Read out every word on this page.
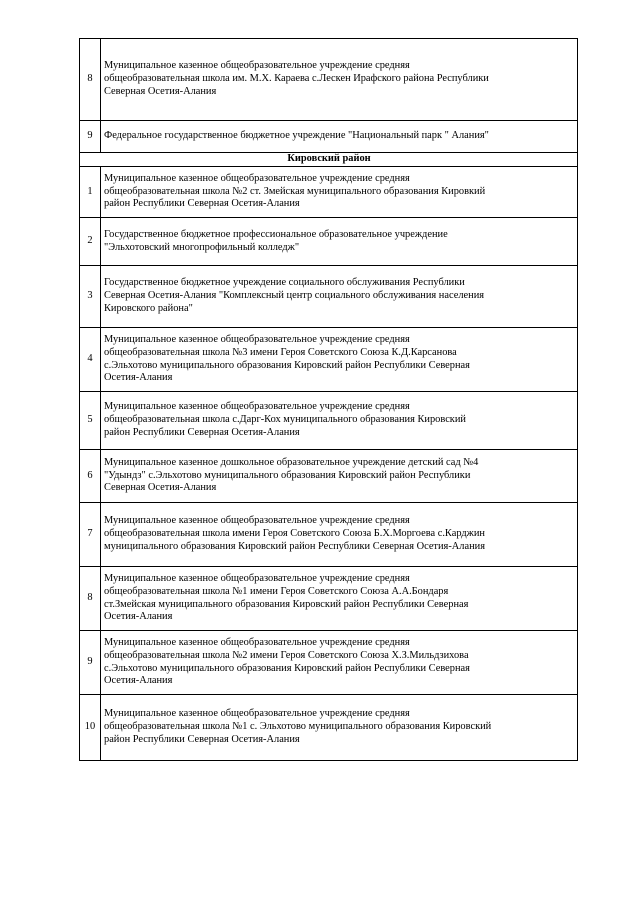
8	Муниципальное казенное общеобразовательное учреждение средняя
общеобразовательная школа им. М.Х. Караева с.Лескен Ирафского района Республики
Северная Осетия-Алания

9	Федеральное государственное бюджетное учреждение "Национальный парк " Алания"

Кировский район	
1	Муниципальное казенное общеобразовательное учреждение средняя
общеобразовательная школа №2 ст. Змейская муниципального образования Кировкий
район Республики Северная Осетия-Алания

2	Государственное бюджетное профессиональное образовательное учреждение
"Эльхотовский многопрофильный колледж"

3	Государственное бюджетное учреждение социального обслуживания Республики
Северная Осетия-Алания "Комплексный центр социального обслуживания населения
Кировского района"

4	Муниципальное казенное общеобразовательное учреждение средняя
общеобразовательная школа №3 имени Героя Советского Союза К.Д.Карсанова
с.Эльхотово муниципального образования Кировский район Республики Северная
Осетия-Алания

5	Муниципальное казенное общеобразовательное учреждение средняя
общеобразовательная школа с.Дарг-Кох муниципального образования Кировский
район Республики Северная Осетия-Алания

6	Муниципальное казенное дошкольное образовательное учреждение детский сад №4
"Удындз" с.Эльхотово муниципального образования Кировский район Республики
Северная Осетия-Алания

7	Муниципальное казенное общеобразовательное учреждение средняя
общеобразовательная школа имени Героя Советского Союза Б.Х.Моргоева с.Карджин
муниципального образования Кировский район Республики Северная Осетия-Алания

8	Муниципальное казенное общеобразовательное учреждение средняя
общеобразовательная школа №1 имени Героя Советского Союза А.А.Бондаря
ст.Змейская муниципального образования Кировский район Республики Северная
Осетия-Алания

9	Муниципальное казенное общеобразовательное учреждение средняя
общеобразовательная школа №2 имени Героя Советского Союза Х.З.Мильдзихова
с.Эльхотово муниципального образования Кировский район Республики Северная
Осетия-Алания

10	Муниципальное казенное общеобразовательное учреждение средняя
общеобразовательная школа №1 с. Эльхотово муниципального образования Кировский
район Республики Северная Осетия-Алания
